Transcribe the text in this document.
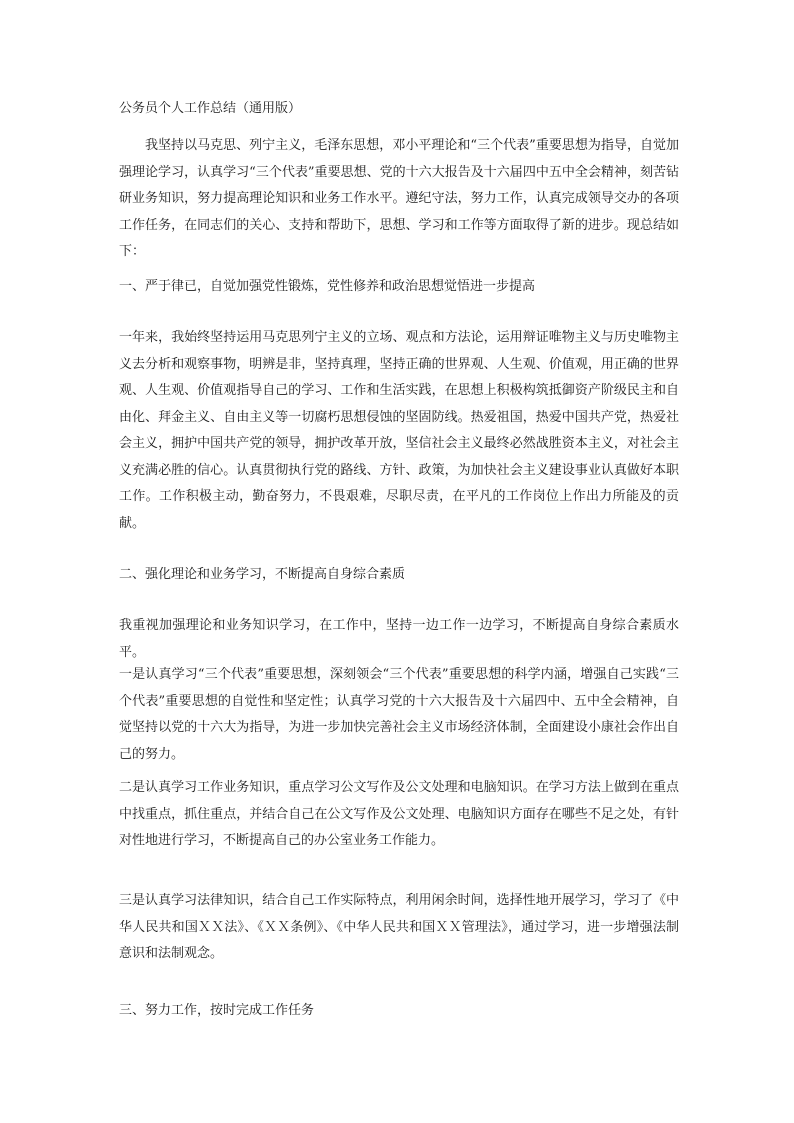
公务员个人工作总结（通用版）

我坚持以马克思、列宁主义，毛泽东思想，邓小平理论和“三个代表”重要思想为指导，自觉加强理论学习，认真学习“三个代表”重要思想、党的十六大报告及十六届四中五中全会精神，刻苦钻研业务知识，努力提高理论知识和业务工作水平。遵纪守法，努力工作，认真完成领导交办的各项工作任务，在同志们的关心、支持和帮助下，思想、学习和工作等方面取得了新的进步。现总结如下：

一、严于律已，自觉加强党性锻炼，党性修养和政治思想觉悟进一步提高

一年来，我始终坚持运用马克思列宁主义的立场、观点和方法论，运用辩证唯物主义与历史唯物主义去分析和观察事物，明辨是非，坚持真理，坚持正确的世界观、人生观、价值观，用正确的世界观、人生观、价值观指导自己的学习、工作和生活实践，在思想上积极构筑抵御资产阶级民主和自由化、拜金主义、自由主义等一切腐朽思想侵蚀的坚固防线。热爱祖国，热爱中国共产党，热爱社会主义，拥护中国共产党的领导，拥护改革开放，坚信社会主义最终必然战胜资本主义，对社会主义充满必胜的信心。认真贯彻执行党的路线、方针、政策，为加快社会主义建设事业认真做好本职工作。工作积极主动，勤奋努力，不畏艰难，尽职尽责，在平凡的工作岗位上作出力所能及的贡献。

二、强化理论和业务学习，不断提高自身综合素质

我重视加强理论和业务知识学习，在工作中，坚持一边工作一边学习，不断提高自身综合素质水平。

一是认真学习“三个代表”重要思想，深刻领会“三个代表”重要思想的科学内涵，增强自己实践“三个代表”重要思想的自觉性和坚定性；认真学习党的十六大报告及十六届四中、五中全会精神，自觉坚持以党的十六大为指导，为进一步加快完善社会主义市场经济体制，全面建设小康社会作出自己的努力。

二是认真学习工作业务知识，重点学习公文写作及公文处理和电脑知识。在学习方法上做到在重点中找重点，抓住重点，并结合自己在公文写作及公文处理、电脑知识方面存在哪些不足之处，有针对性地进行学习，不断提高自己的办公室业务工作能力。

三是认真学习法律知识，结合自己工作实际特点，利用闲余时间，选择性地开展学习，学习了《中华人民共和国ＸＸ法》、《ＸＸ条例》、《中华人民共和国ＸＸ管理法》，通过学习，进一步增强法制意识和法制观念。

三、努力工作，按时完成工作任务
